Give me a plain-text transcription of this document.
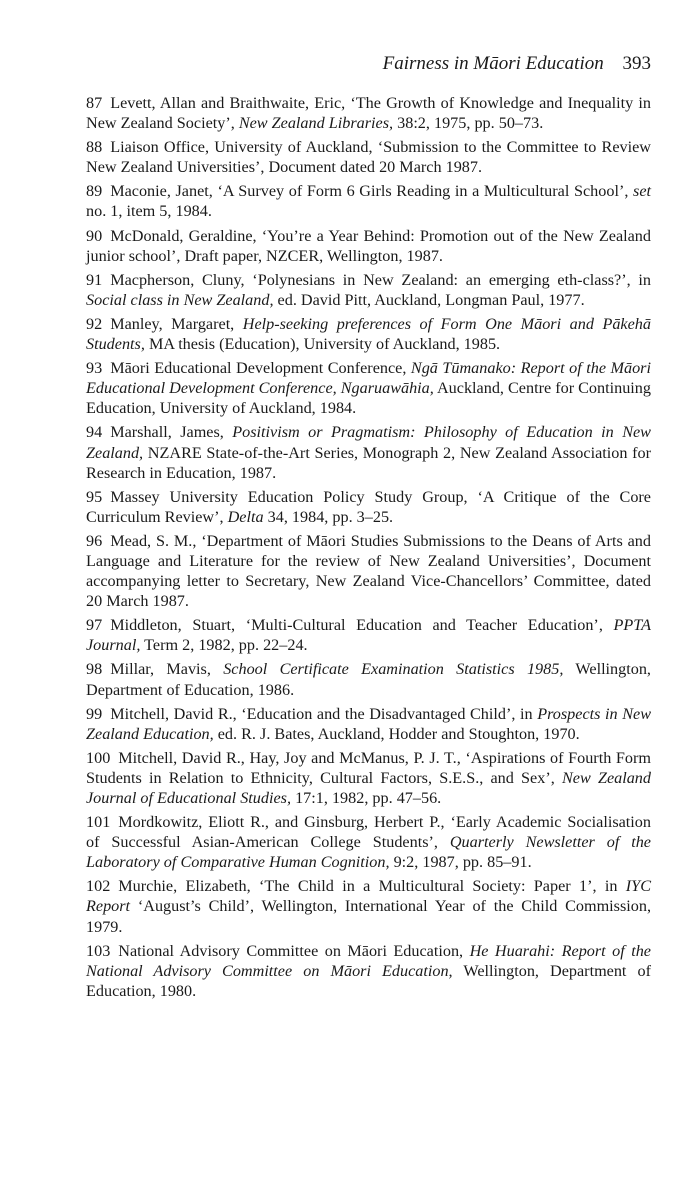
Fairness in Māori Education 393

87 Levett, Allan and Braithwaite, Eric, ‘The Growth of Knowledge and Inequality in New Zealand Society’, New Zealand Libraries, 38:2, 1975, pp. 50–73.

88 Liaison Office, University of Auckland, ‘Submission to the Committee to Review New Zealand Universities’, Document dated 20 March 1987.

89 Maconie, Janet, ‘A Survey of Form 6 Girls Reading in a Multicultural School’, set no. 1, item 5, 1984.

90 McDonald, Geraldine, ‘You’re a Year Behind: Promotion out of the New Zealand junior school’, Draft paper, NZCER, Wellington, 1987.

91 Macpherson, Cluny, ‘Polynesians in New Zealand: an emerging eth-class?’, in Social class in New Zealand, ed. David Pitt, Auckland, Longman Paul, 1977.

92 Manley, Margaret, Help-seeking preferences of Form One Māori and Pākehā Students, MA thesis (Education), University of Auckland, 1985.

93 Māori Educational Development Conference, Ngā Tūmanako: Report of the Māori Educational Development Conference, Ngaruawāhia, Auckland, Centre for Continuing Education, University of Auckland, 1984.

94 Marshall, James, Positivism or Pragmatism: Philosophy of Education in New Zealand, NZARE State-of-the-Art Series, Monograph 2, New Zealand Association for Research in Education, 1987.

95 Massey University Education Policy Study Group, ‘A Critique of the Core Curriculum Review’, Delta 34, 1984, pp. 3–25.

96 Mead, S. M., ‘Department of Māori Studies Submissions to the Deans of Arts and Language and Literature for the review of New Zealand Universities’, Document accompanying letter to Secretary, New Zealand Vice-Chancellors’ Committee, dated 20 March 1987.

97 Middleton, Stuart, ‘Multi-Cultural Education and Teacher Education’, PPTA Journal, Term 2, 1982, pp. 22–24.

98 Millar, Mavis, School Certificate Examination Statistics 1985, Wellington, Department of Education, 1986.

99 Mitchell, David R., ‘Education and the Disadvantaged Child’, in Prospects in New Zealand Education, ed. R. J. Bates, Auckland, Hodder and Stoughton, 1970.

100 Mitchell, David R., Hay, Joy and McManus, P. J. T., ‘Aspirations of Fourth Form Students in Relation to Ethnicity, Cultural Factors, S.E.S., and Sex’, New Zealand Journal of Educational Studies, 17:1, 1982, pp. 47–56.

101 Mordkowitz, Eliott R., and Ginsburg, Herbert P., ‘Early Academic Socialisation of Successful Asian-American College Students’, Quarterly Newsletter of the Laboratory of Comparative Human Cognition, 9:2, 1987, pp. 85–91.

102 Murchie, Elizabeth, ‘The Child in a Multicultural Society: Paper 1’, in IYC Report ‘August’s Child’, Wellington, International Year of the Child Commission, 1979.

103 National Advisory Committee on Māori Education, He Huarahi: Report of the National Advisory Committee on Māori Education, Wellington, Department of Education, 1980.
